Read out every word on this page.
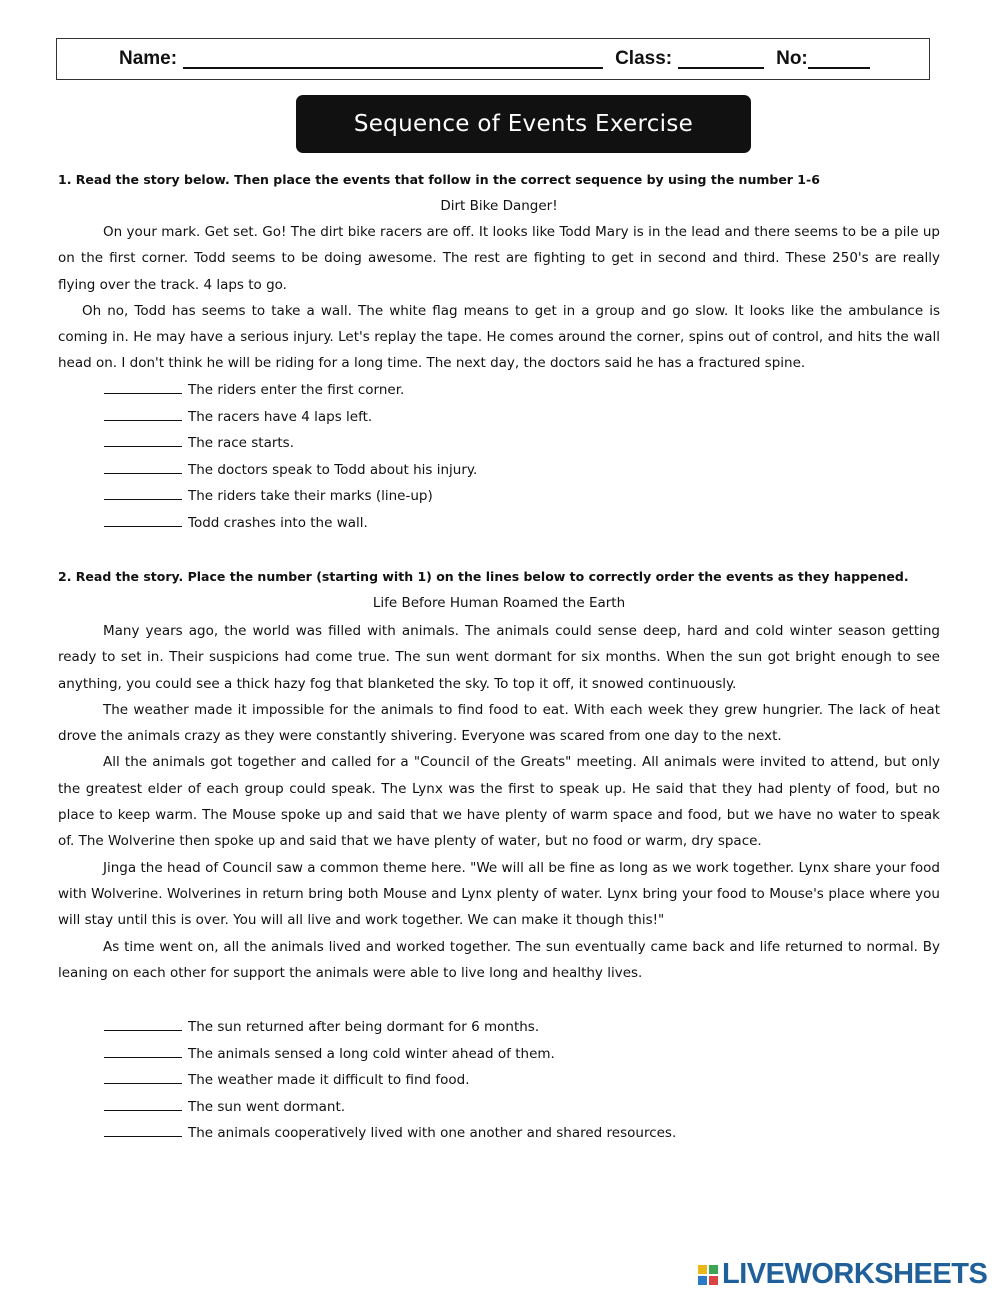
Name:	Class:	No:
Sequence of Events Exercise
1. Read the story below. Then place the events that follow in the correct sequence by using the number 1-6
Dirt Bike Danger!

On your mark. Get set. Go! The dirt bike racers are off. It looks like Todd Mary is in the lead and there seems to be a pile up on the first corner. Todd seems to be doing awesome. The rest are fighting to get in second and third. These 250's are really flying over the track. 4 laps to go.

Oh no, Todd has seems to take a wall. The white flag means to get in a group and go slow. It looks like the ambulance is coming in. He may have a serious injury. Let's replay the tape. He comes around the corner, spins out of control, and hits the wall head on. I don't think he will be riding for a long time. The next day, the doctors said he has a fractured spine.

The riders enter the first corner.
The racers have 4 laps left.
The race starts.
The doctors speak to Todd about his injury.
The riders take their marks (line-up)
Todd crashes into the wall.
2. Read the story. Place the number (starting with 1) on the lines below to correctly order the events as they happened.
Life Before Human Roamed the Earth

Many years ago, the world was filled with animals. The animals could sense deep, hard and cold winter season getting ready to set in. Their suspicions had come true. The sun went dormant for six months. When the sun got bright enough to see anything, you could see a thick hazy fog that blanketed the sky. To top it off, it snowed continuously.

The weather made it impossible for the animals to find food to eat. With each week they grew hungrier. The lack of heat drove the animals crazy as they were constantly shivering. Everyone was scared from one day to the next.

All the animals got together and called for a "Council of the Greats" meeting. All animals were invited to attend, but only the greatest elder of each group could speak. The Lynx was the first to speak up. He said that they had plenty of food, but no place to keep warm. The Mouse spoke up and said that we have plenty of warm space and food, but we have no water to speak of. The Wolverine then spoke up and said that we have plenty of water, but no food or warm, dry space.

Jinga the head of Council saw a common theme here. "We will all be fine as long as we work together. Lynx share your food with Wolverine. Wolverines in return bring both Mouse and Lynx plenty of water. Lynx bring your food to Mouse's place where you will stay until this is over. You will all live and work together. We can make it though this!"

As time went on, all the animals lived and worked together. The sun eventually came back and life returned to normal. By leaning on each other for support the animals were able to live long and healthy lives.

The sun returned after being dormant for 6 months.
The animals sensed a long cold winter ahead of them.
The weather made it difficult to find food.
The sun went dormant.
The animals cooperatively lived with one another and shared resources.
LIVEWORKSHEETS
